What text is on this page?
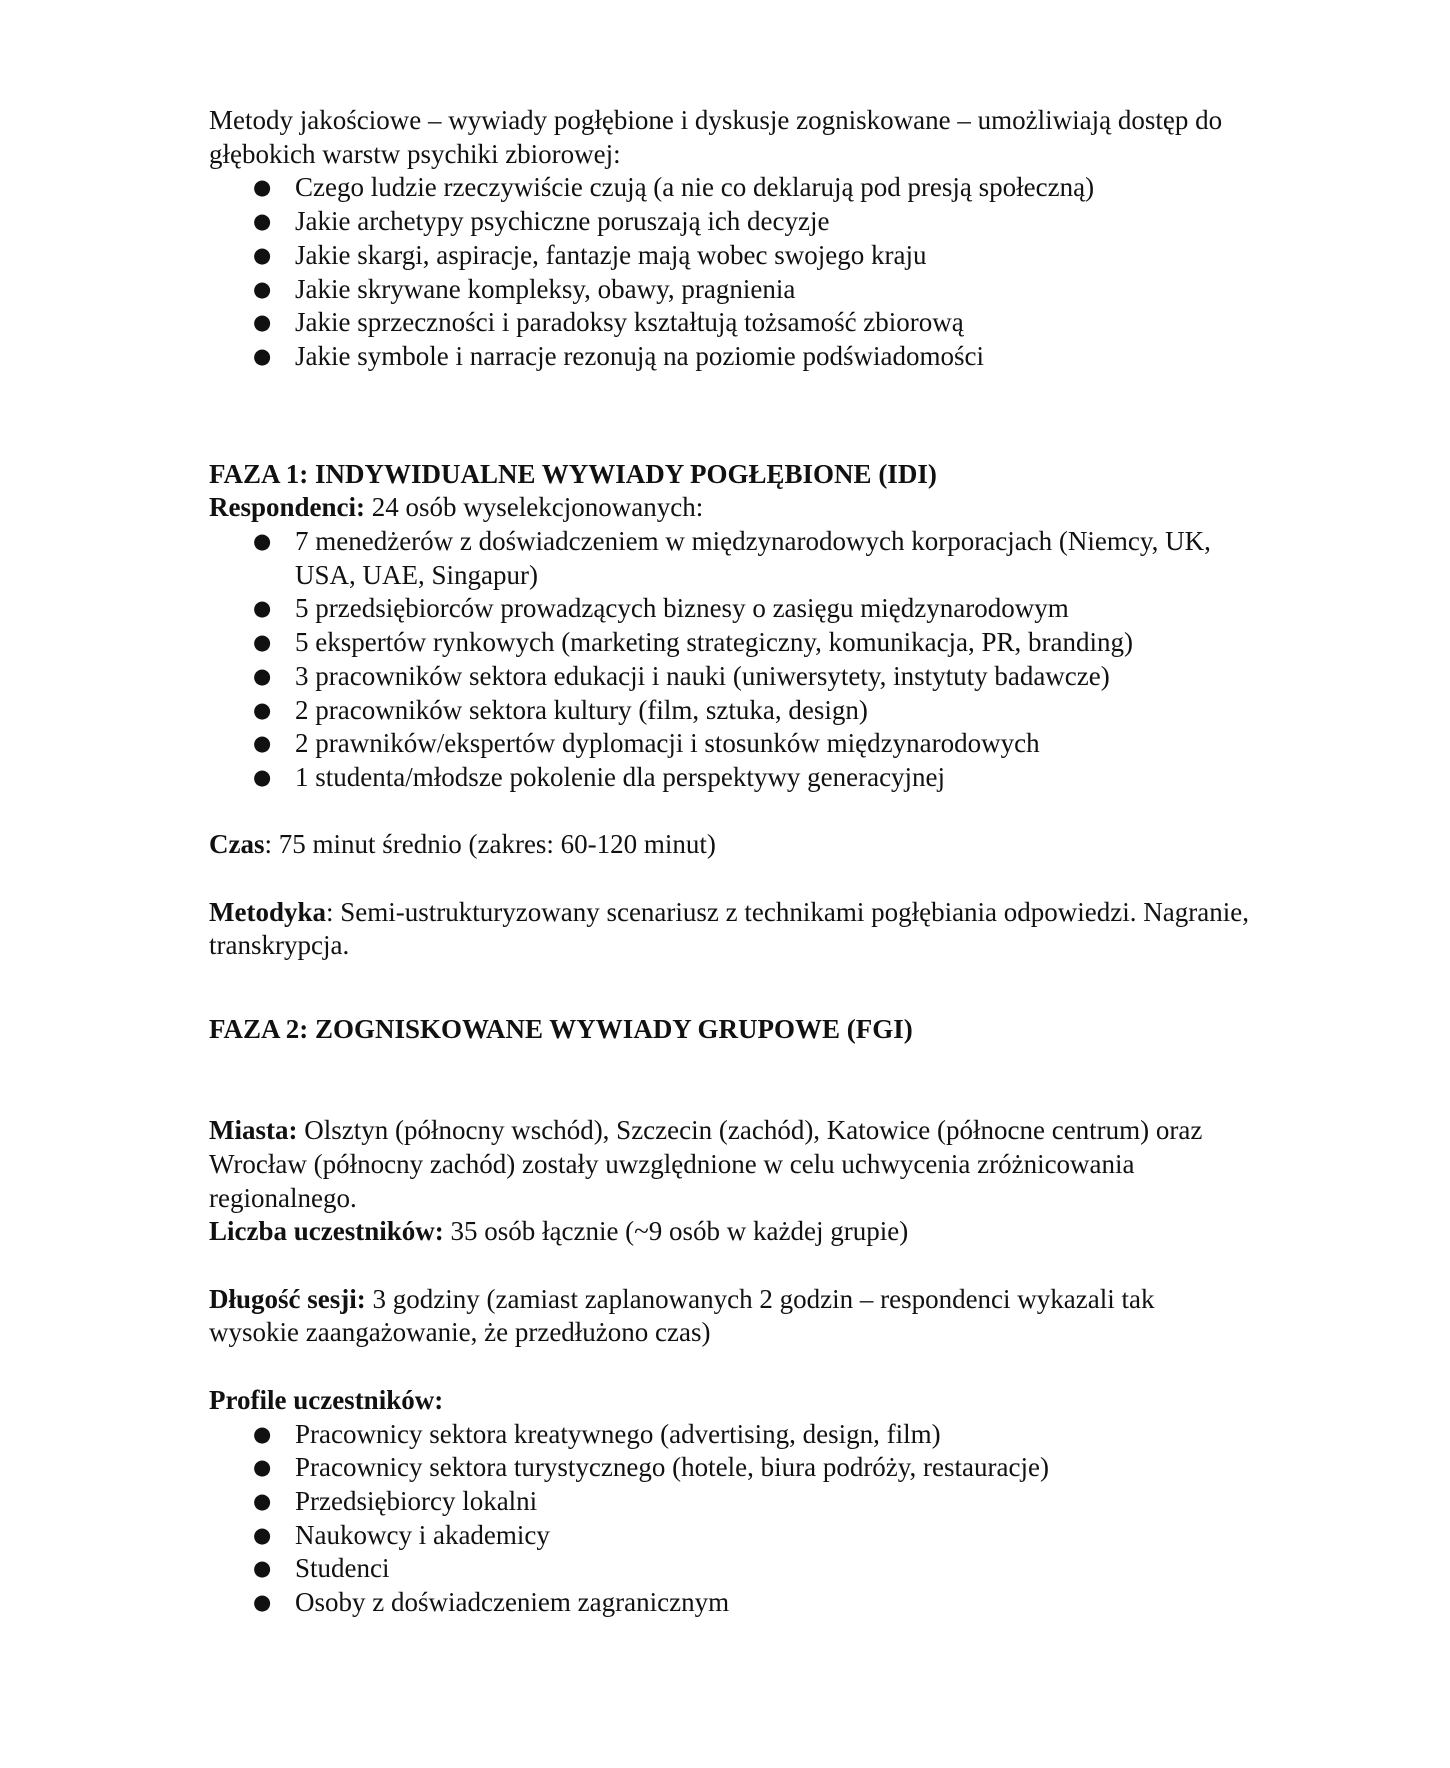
Metody jakościowe – wywiady pogłębione i dyskusje zogniskowane – umożliwiają dostęp do głębokich warstw psychiki zbiorowej:

● Czego ludzie rzeczywiście czują (a nie co deklarują pod presją społeczną)
● Jakie archetypy psychiczne poruszają ich decyzje
● Jakie skargi, aspiracje, fantazje mają wobec swojego kraju
● Jakie skrywane kompleksy, obawy, pragnienia
● Jakie sprzeczności i paradoksy kształtują tożsamość zbiorową
● Jakie symbole i narracje rezonują na poziomie podświadomości

FAZA 1: INDYWIDUALNE WYWIADY POGŁĘBIONE (IDI)

Respondenci: 24 osób wyselekcjonowanych:

● 7 menedżerów z doświadczeniem w międzynarodowych korporacjach (Niemcy, UK, USA, UAE, Singapur)
● 5 przedsiębiorców prowadzących biznesy o zasięgu międzynarodowym
● 5 ekspertów rynkowych (marketing strategiczny, komunikacja, PR, branding)
● 3 pracowników sektora edukacji i nauki (uniwersytety, instytuty badawcze)
● 2 pracowników sektora kultury (film, sztuka, design)
● 2 prawników/ekspertów dyplomacji i stosunków międzynarodowych
● 1 studenta/młodsze pokolenie dla perspektywy generacyjnej

Czas: 75 minut średnio (zakres: 60-120 minut)

Metodyka: Semi-ustrukturyzowany scenariusz z technikami pogłębiania odpowiedzi. Nagranie, transkrypcja.

FAZA 2: ZOGNISKOWANE WYWIADY GRUPOWE (FGI)

Miasta: Olsztyn (północny wschód), Szczecin (zachód), Katowice (północne centrum) oraz Wrocław (północny zachód) zostały uwzględnione w celu uchwycenia zróżnicowania regionalnego.

Liczba uczestników: 35 osób łącznie (~9 osób w każdej grupie)

Długość sesji: 3 godziny (zamiast zaplanowanych 2 godzin – respondenci wykazali tak wysokie zaangażowanie, że przedłużono czas)

Profile uczestników:

● Pracownicy sektora kreatywnego (advertising, design, film)
● Pracownicy sektora turystycznego (hotele, biura podróży, restauracje)
● Przedsiębiorcy lokalni
● Naukowcy i akademicy
● Studenci
● Osoby z doświadczeniem zagranicznym
